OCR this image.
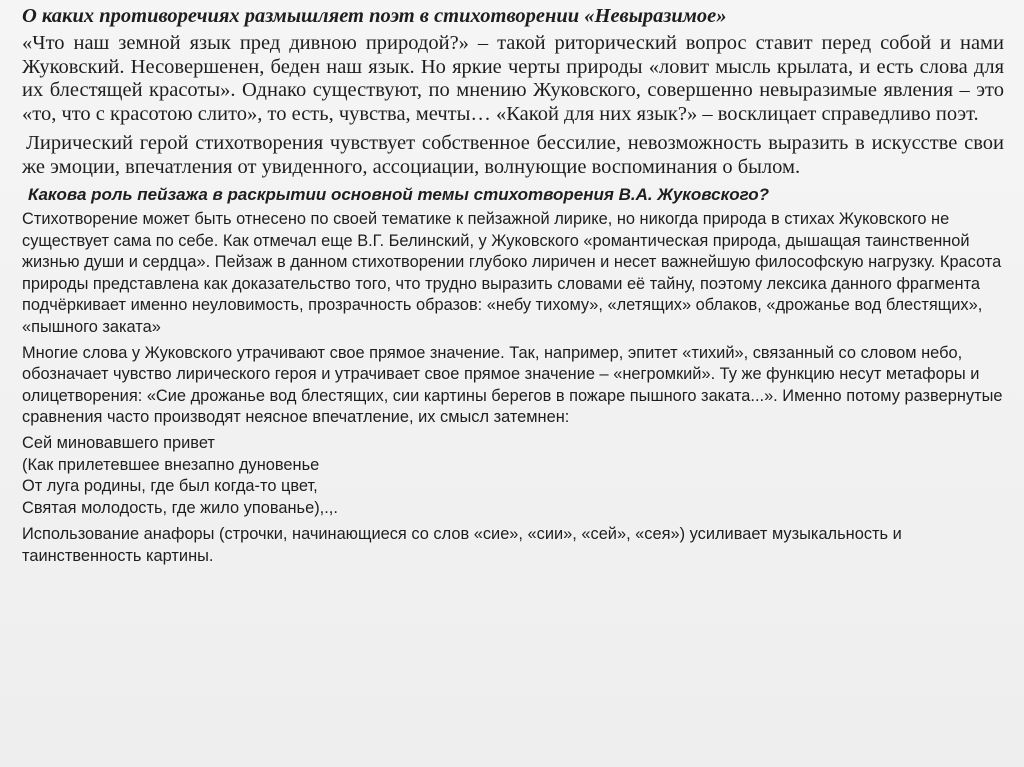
О каких противоречиях размышляет поэт в стихотворении «Невыразимое»

«Что наш земной язык пред дивною природой?» – такой риторический вопрос ставит перед собой и нами Жуковский. Несовершенен, беден наш язык. Но яркие черты природы «ловит мысль крылата, и есть слова для их блестящей красоты». Однако существуют, по мнению Жуковского, совершенно невыразимые явления – это «то, что с красотою слито», то есть, чувства, мечты… «Какой для них язык?» – восклицает справедливо поэт.

Лирический герой стихотворения чувствует собственное бессилие, невозможность выразить в искусстве свои же эмоции, впечатления от увиденного, ассоциации, волнующие воспоминания о былом.

Какова роль пейзажа в раскрытии основной темы стихотворения В.А. Жуковского?

Стихотворение может быть отнесено по своей тематике к пейзажной лирике, но никогда природа в стихах Жуковского не существует сама по себе. Как отмечал еще В.Г. Белинский, у Жуковского «романтическая природа, дышащая таинственной жизнью души и сердца». Пейзаж в данном стихотворении глубоко лиричен и несет важнейшую философскую нагрузку. Красота природы представлена как доказательство того, что трудно выразить словами её тайну, поэтому лексика данного фрагмента подчёркивает именно неуловимость, прозрачность образов: «небу тихому», «летящих» облаков, «дрожанье вод блестящих», «пышного заката»

Многие слова у Жуковского утрачивают свое прямое значение. Так, например, эпитет «тихий», связанный со словом небо, обозначает чувство лирического героя и утрачивает свое прямое значение – «негромкий». Ту же функцию несут метафоры и олицетворения: «Сие дрожанье вод блестящих, сии картины берегов в пожаре пышного заката...». Именно потому развернутые сравнения часто производят неясное впечатление, их смысл затемнен:

Сей миновавшего привет
(Как прилетевшее внезапно дуновенье
От луга родины, где был когда-то цвет,
Святая молодость, где жило упованье),.,.

Использование анафоры (строчки, начинающиеся со слов «сие», «сии», «сей», «сея») усиливает музыкальность и таинственность картины.
